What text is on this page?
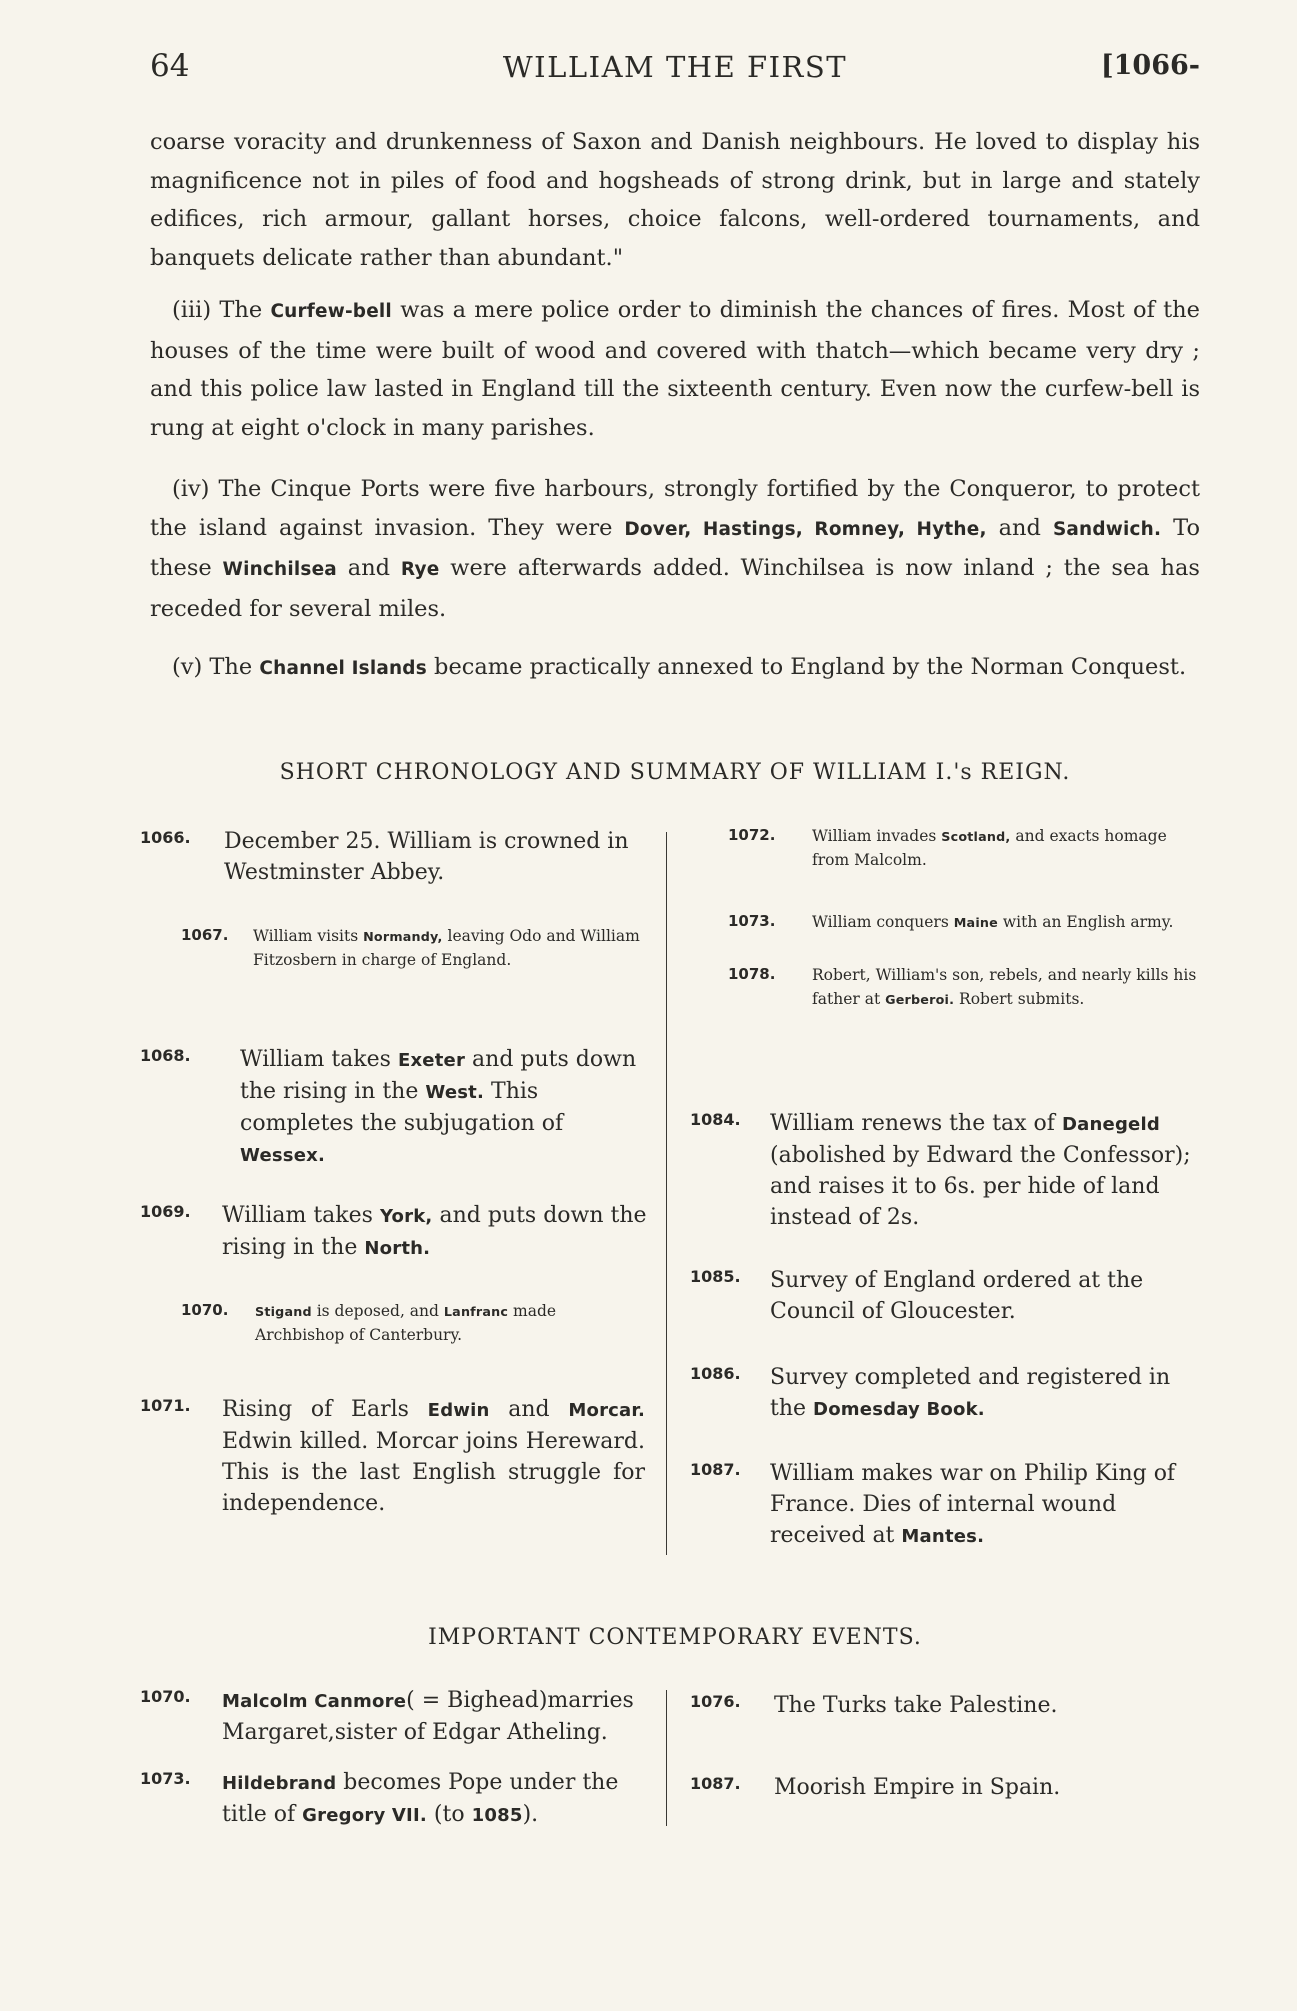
64	WILLIAM THE FIRST	[1066-

coarse voracity and drunkenness of Saxon and Danish neighbours. He loved to display his magnificence not in piles of food and hogsheads of strong drink, but in large and stately edifices, rich armour, gallant horses, choice falcons, well-ordered tournaments, and banquets delicate rather than abundant."

(iii) The Curfew-bell was a mere police order to diminish the chances of fires. Most of the houses of the time were built of wood and covered with thatch—which became very dry ; and this police law lasted in England till the sixteenth century. Even now the curfew-bell is rung at eight o'clock in many parishes.

(iv) The Cinque Ports were five harbours, strongly fortified by the Conqueror, to protect the island against invasion. They were Dover, Hastings, Romney, Hythe, and Sandwich. To these Winchilsea and Rye were afterwards added. Winchilsea is now inland ; the sea has receded for several miles.

(v) The Channel Islands became practically annexed to England by the Norman Conquest.

SHORT CHRONOLOGY AND SUMMARY OF WILLIAM I.'s REIGN.
1066. December 25. William is crowned in Westminster Abbey.
1067. William visits Normandy, leaving Odo and William Fitzosbern in charge of England.
1068. William takes Exeter and puts down the rising in the West. This completes the subjugation of Wessex.
1069. William takes York, and puts down the rising in the North.
1070. Stigand is deposed, and Lanfranc made Archbishop of Canterbury.
1071. Rising of Earls Edwin and Morcar. Edwin killed. Morcar joins Hereward. This is the last English struggle for independence.
1072. William invades Scotland, and exacts homage from Malcolm.
1073. William conquers Maine with an English army.
1078. Robert, William's son, rebels, and nearly kills his father at Gerberoi. Robert submits.
1084. William renews the tax of Danegeld (abolished by Edward the Confessor); and raises it to 6s. per hide of land instead of 2s.
1085. Survey of England ordered at the Council of Gloucester.
1086. Survey completed and registered in the Domesday Book.
1087. William makes war on Philip King of France. Dies of internal wound received at Mantes.
IMPORTANT CONTEMPORARY EVENTS.
1070. Malcolm Canmore( = Bighead)marries Margaret,sister of Edgar Atheling.
1073. Hildebrand becomes Pope under the title of Gregory VII. (to 1085).
1076. The Turks take Palestine.
1087. Moorish Empire in Spain.
